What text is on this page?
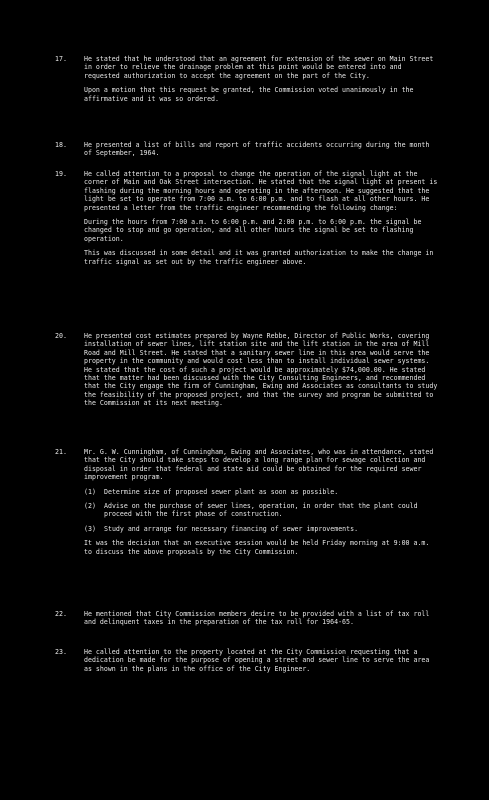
17.	He stated that he understood that an agreement for extension of the sewer on Main Street in order to relieve the drainage problem at this point would be entered into and requested authorization to accept the agreement on the part of the City.

Upon a motion that this request be granted, the Commission voted unanimously in the affirmative and it was so ordered.

18.	He presented a list of bills and report of traffic accidents occurring during the month of September, 1964.

19.	He called attention to a proposal to change the operation of the signal light at the corner of Main and Oak Street intersection. He stated that the signal light at present is flashing during the morning hours and operating in the afternoon. He suggested that the light be set to operate from 7:00 a.m. to 6:00 p.m. and to flash at all other hours. He presented a letter from the traffic engineer recommending the following change:

During the hours from 7:00 a.m. to 6:00 p.m. and 2:00 p.m. to 6:00 p.m. the signal be changed to stop and go operation, and all other hours the signal be set to flashing operation.

This was discussed in some detail and it was granted authorization to make the change in traffic signal as set out by the traffic engineer above.

20.	He presented cost estimates prepared by Wayne Rebbe, Director of Public Works, covering installation of sewer lines, lift station site and the lift station in the area of Mill Road and Mill Street. He stated that a sanitary sewer line in this area would serve the property in the community and would cost less than to install individual sewer systems. He stated that the cost of such a project would be approximately $74,000.00. He stated that the matter had been discussed with the City Consulting Engineers, and recommended that the City engage the firm of Cunningham, Ewing and Associates as consultants to study the feasibility of the proposed project, and that the survey and program be submitted to the Commission at its next meeting.

21.	Mr. G. W. Cunningham, of Cunningham, Ewing and Associates, who was in attendance, stated that the City should take steps to develop a long range plan for sewage collection and disposal in order that federal and state aid could be obtained for the required sewer improvement program.

(1) Determine size of proposed sewer plant as soon as possible.
(2) Advise on the purchase of sewer lines, operation, in order that the plant could proceed with the first phase of construction.
(3) Study and arrange for necessary financing of sewer improvements.

It was the decision that an executive session would be held Friday morning at 9:00 a.m. to discuss the above proposals by the City Commission.

22.	He mentioned that City Commission members desire to be provided with a list of tax roll and delinquent taxes in the preparation of the tax roll for 1964-65.

23.	He called attention to the property located at the City Commission requesting that a dedication be made for the purpose of opening a street and sewer line to serve the area as shown in the plans in the office of the City Engineer.
